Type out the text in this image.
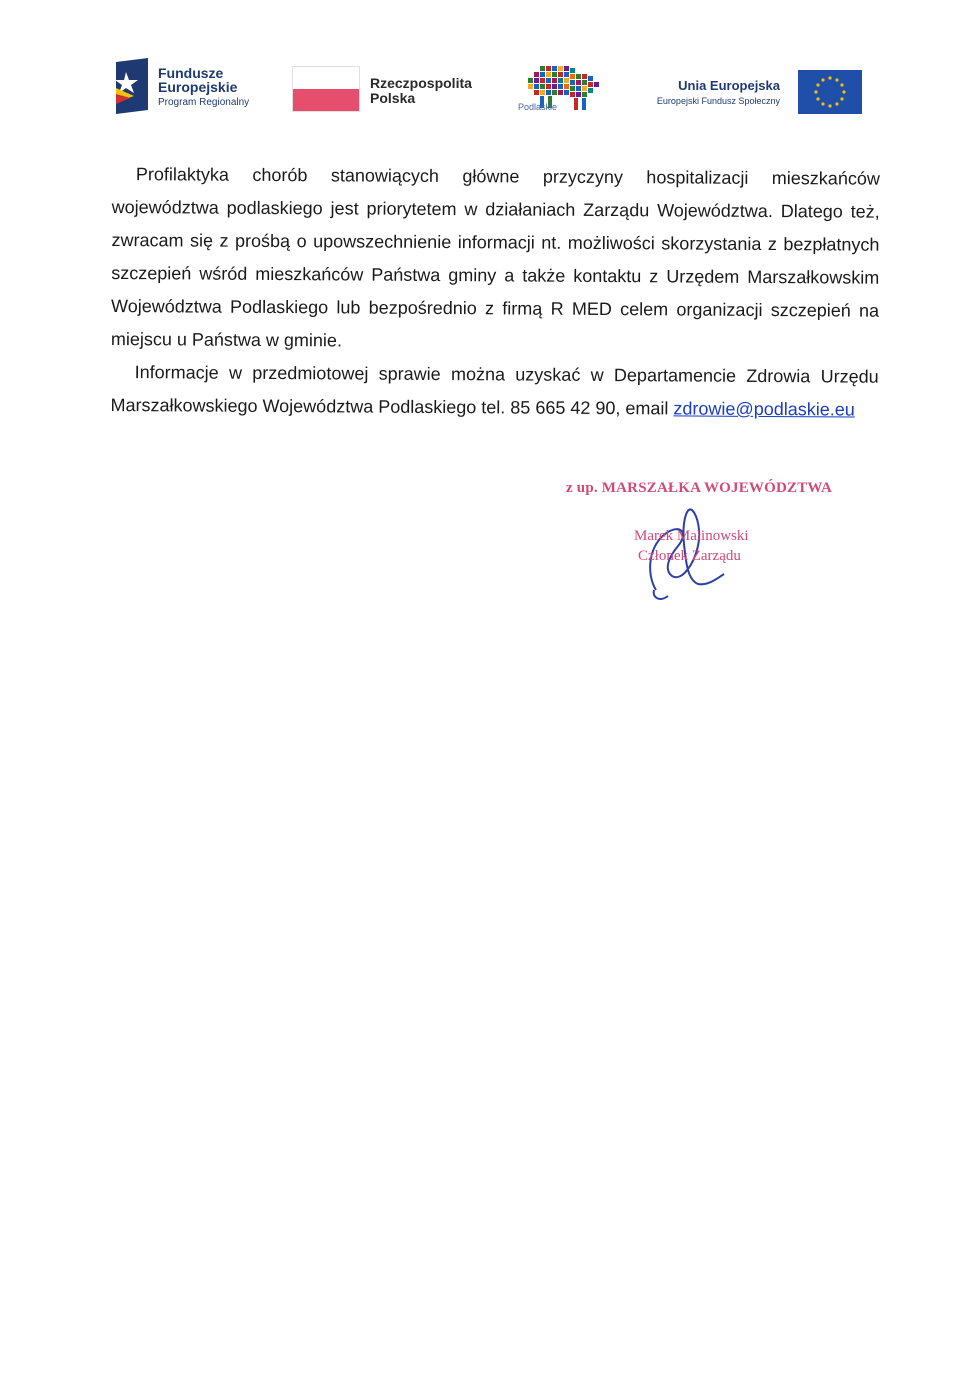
Fundusze
Europejskie
Program Regionalny
Rzeczpospolita
Polska
Podlaskie
Unia Europejska
Europejski Fundusz Społeczny

Profilaktyka chorób stanowiących główne przyczyny hospitalizacji mieszkańców województwa podlaskiego jest priorytetem w działaniach Zarządu Województwa. Dlatego też, zwracam się z prośbą o upowszechnienie informacji nt. możliwości skorzystania z bezpłatnych szczepień wśród mieszkańców Państwa gminy a także kontaktu z Urzędem Marszałkowskim Województwa Podlaskiego lub bezpośrednio z firmą R MED celem organizacji szczepień na miejscu u Państwa w gminie.

Informacje w przedmiotowej sprawie można uzyskać w Departamencie Zdrowia Urzędu Marszałkowskiego Województwa Podlaskiego tel. 85 665 42 90, email zdrowie@podlaskie.eu

z up. MARSZAŁKA WOJEWÓDZTWA
Marek Malinowski
Członek Zarządu
